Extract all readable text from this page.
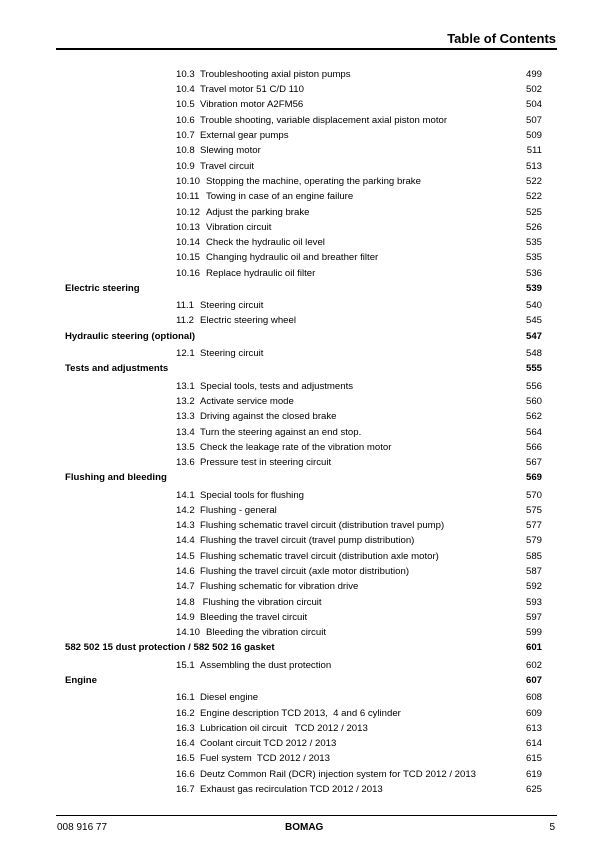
Table of Contents
10.3 Troubleshooting axial piston pumps	499
10.4 Travel motor 51 C/D 110	502
10.5 Vibration motor A2FM56	504
10.6 Trouble shooting, variable displacement axial piston motor	507
10.7 External gear pumps	509
10.8 Slewing motor	511
10.9 Travel circuit	513
10.10 Stopping the machine, operating the parking brake	522
10.11 Towing in case of an engine failure	522
10.12 Adjust the parking brake	525
10.13 Vibration circuit	526
10.14 Check the hydraulic oil level	535
10.15 Changing hydraulic oil and breather filter	535
10.16 Replace hydraulic oil filter	536
Electric steering	539
11.1 Steering circuit	540
11.2 Electric steering wheel	545
Hydraulic steering (optional)	547
12.1 Steering circuit	548
Tests and adjustments	555
13.1 Special tools, tests and adjustments	556
13.2 Activate service mode	560
13.3 Driving against the closed brake	562
13.4 Turn the steering against an end stop.	564
13.5 Check the leakage rate of the vibration motor	566
13.6 Pressure test in steering circuit	567
Flushing and bleeding	569
14.1 Special tools for flushing	570
14.2 Flushing - general	575
14.3 Flushing schematic travel circuit (distribution travel pump)	577
14.4 Flushing the travel circuit (travel pump distribution)	579
14.5 Flushing schematic travel circuit (distribution axle motor)	585
14.6 Flushing the travel circuit (axle motor distribution)	587
14.7 Flushing schematic for vibration drive	592
14.8 Flushing the vibration circuit	593
14.9 Bleeding the travel circuit	597
14.10 Bleeding the vibration circuit	599
582 502 15 dust protection / 582 502 16 gasket	601
15.1 Assembling the dust protection	602
Engine	607
16.1 Diesel engine	608
16.2 Engine description TCD 2013,  4 and 6 cylinder	609
16.3 Lubrication oil circuit   TCD 2012 / 2013	613
16.4 Coolant circuit TCD 2012 / 2013	614
16.5 Fuel system  TCD 2012 / 2013	615
16.6 Deutz Common Rail (DCR) injection system for TCD 2012 / 2013	619
16.7 Exhaust gas recirculation TCD 2012 / 2013	625
008 916 77	BOMAG	5
